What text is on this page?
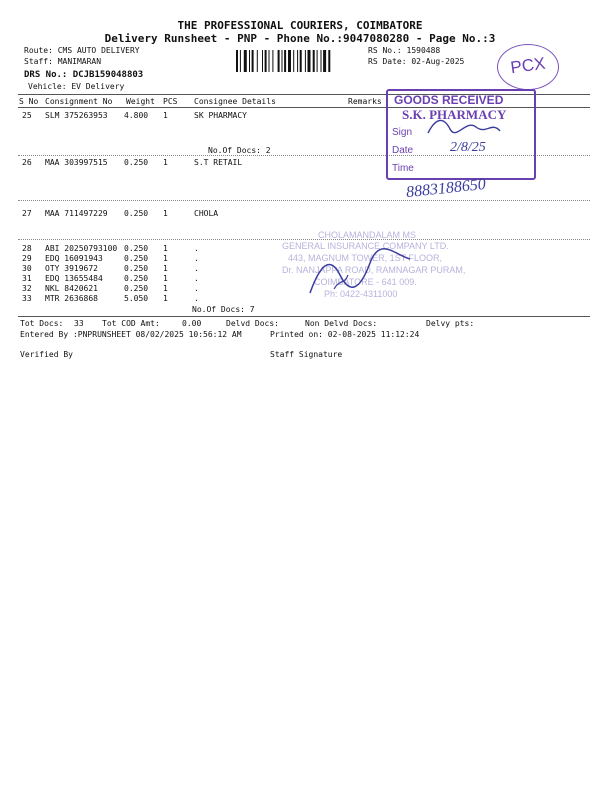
THE PROFESSIONAL COURIERS, COIMBATORE
Delivery Runsheet - PNP - Phone No.:9047080280 - Page No.:3
Route: CMS AUTO DELIVERY
Staff: MANIMARAN
DRS No.: DCJB159048803
Vehicle: EV Delivery
RS No.: 1590488
RS Date: 02-Aug-2025	PCX
S No Consignment No Weight PCS Consignee Details	Remarks
25 SLM 375263953 4.800 1	SK PHARMACY
No.Of Docs: 2
26 MAA 303997515 0.250 1	S.T RETAIL
27 MAA 711497229 0.250 1	CHOLA
28 ABI 20250793100 0.250 1	.
29 EDQ 16091943	0.250 1	.
30 OTY 3919672	0.250 1	.
31 EDQ 13655484	0.250 1	.
32 NKL 8420621	0.250 1	.
33 MTR 2636868	5.050 1	.
No.Of Docs: 7
Tot Docs: 33 Tot COD Amt:	0.00	Delvd Docs:	Non Delvd Docs:	Delvy pts:
Entered By :PNPRUNSHEET 08/02/2025 10:56:12 AM	Printed on: 02-08-2025 11:12:24
Verified By	Staff Signature
CHOLAMANDALAM MS
GENERAL INSURANCE COMPANY LTD.
443, MAGNUM TOWER, 1ST FLOOR,
Dr. NANJAPPA ROAD, RAMNAGAR PURAM,
COIMBATORE - 641 009.
Ph: 0422-4311000
GOODS RECEIVED
S.K. PHARMACY
Sign
Date
Time
2/8/25
8883188650
